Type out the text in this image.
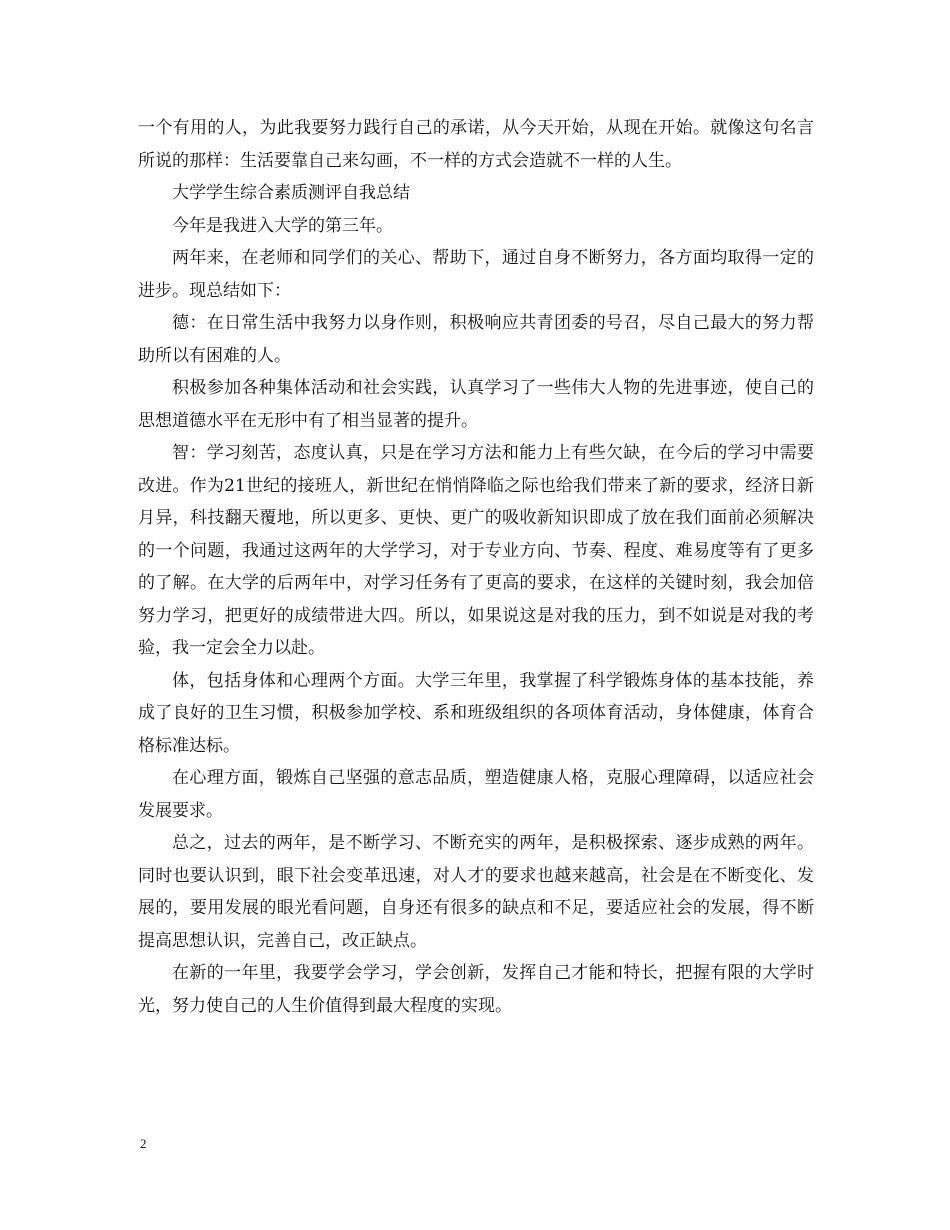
一个有用的人，为此我要努力践行自己的承诺，从今天开始，从现在开始。就像这句名言所说的那样：生活要靠自己来勾画，不一样的方式会造就不一样的人生。

大学学生综合素质测评自我总结

今年是我进入大学的第三年。

两年来，在老师和同学们的关心、帮助下，通过自身不断努力，各方面均取得一定的进步。现总结如下：

德：在日常生活中我努力以身作则，积极响应共青团委的号召，尽自己最大的努力帮助所以有困难的人。

积极参加各种集体活动和社会实践，认真学习了一些伟大人物的先进事迹，使自己的思想道德水平在无形中有了相当显著的提升。

智：学习刻苦，态度认真，只是在学习方法和能力上有些欠缺，在今后的学习中需要改进。作为21世纪的接班人，新世纪在悄悄降临之际也给我们带来了新的要求，经济日新月异，科技翻天覆地，所以更多、更快、更广的吸收新知识即成了放在我们面前必须解决的一个问题，我通过这两年的大学学习，对于专业方向、节奏、程度、难易度等有了更多的了解。在大学的后两年中，对学习任务有了更高的要求，在这样的关键时刻，我会加倍努力学习，把更好的成绩带进大四。所以，如果说这是对我的压力，到不如说是对我的考验，我一定会全力以赴。

体，包括身体和心理两个方面。大学三年里，我掌握了科学锻炼身体的基本技能，养成了良好的卫生习惯，积极参加学校、系和班级组织的各项体育活动，身体健康，体育合格标准达标。

在心理方面，锻炼自己坚强的意志品质，塑造健康人格，克服心理障碍，以适应社会发展要求。

总之，过去的两年，是不断学习、不断充实的两年，是积极探索、逐步成熟的两年。同时也要认识到，眼下社会变革迅速，对人才的要求也越来越高，社会是在不断变化、发展的，要用发展的眼光看问题，自身还有很多的缺点和不足，要适应社会的发展，得不断提高思想认识，完善自己，改正缺点。

在新的一年里，我要学会学习，学会创新，发挥自己才能和特长，把握有限的大学时光，努力使自己的人生价值得到最大程度的实现。

2
